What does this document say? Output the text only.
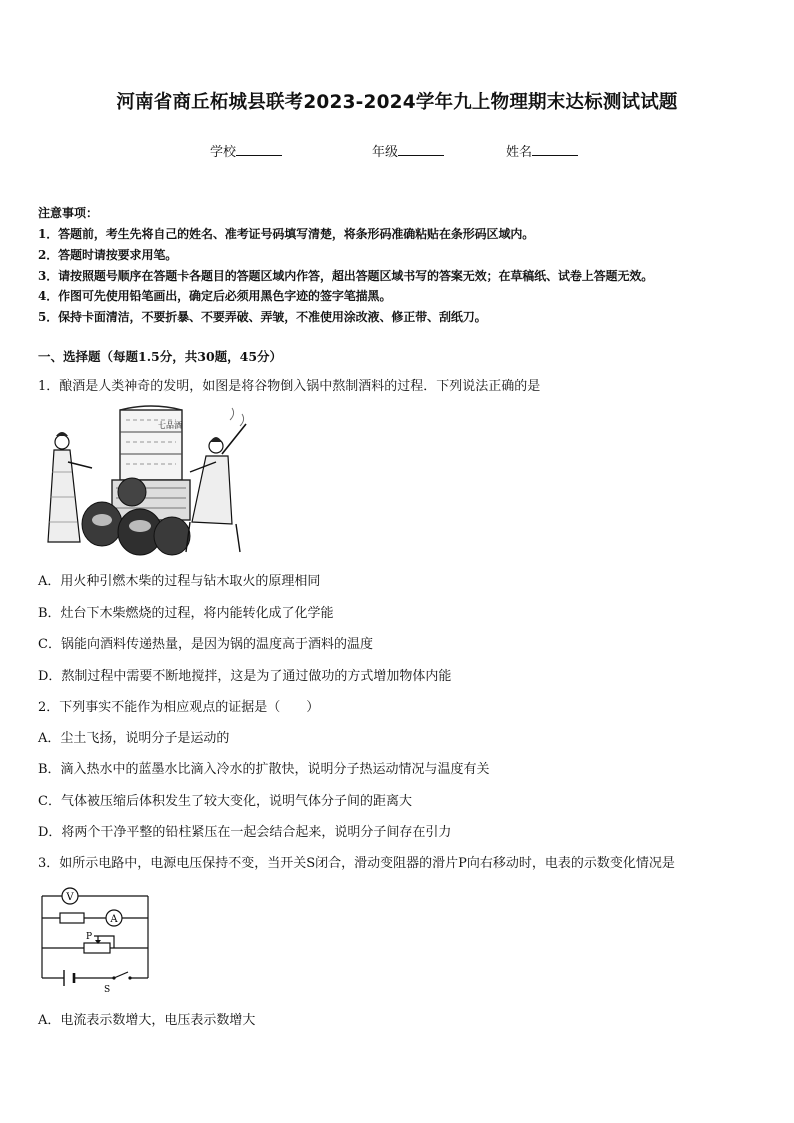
河南省商丘柘城县联考2023-2024学年九上物理期末达标测试试题
学校	年级	姓名
注意事项：
1．答题前，考生先将自己的姓名、准考证号码填写清楚，将条形码准确粘贴在条形码区域内。
2．答题时请按要求用笔。
3．请按照题号顺序在答题卡各题目的答题区域内作答，超出答题区域书写的答案无效；在草稿纸、试卷上答题无效。
4．作图可先使用铅笔画出，确定后必须用黑色字迹的签字笔描黑。
5．保持卡面清洁，不要折暴、不要弄破、弄皱，不准使用涂改液、修正带、刮纸刀。
一、选择题（每题1.5分，共30题，45分）
1．酿酒是人类神奇的发明，如图是将谷物倒入锅中熬制酒料的过程．下列说法正确的是
七品酒
A．用火种引燃木柴的过程与钻木取火的原理相同
B．灶台下木柴燃烧的过程，将内能转化成了化学能
C．锅能向酒料传递热量，是因为锅的温度高于酒料的温度
D．熬制过程中需要不断地搅拌，这是为了通过做功的方式增加物体内能
2．下列事实不能作为相应观点的证据是（　　）
A．尘土飞扬，说明分子是运动的
B．滴入热水中的蓝墨水比滴入冷水的扩散快，说明分子热运动情况与温度有关
C．气体被压缩后体积发生了较大变化，说明气体分子间的距离大
D．将两个干净平整的铅柱紧压在一起会结合起来，说明分子间存在引力
3．如所示电路中，电源电压保持不变，当开关S闭合，滑动变阻器的滑片P向右移动时，电表的示数变化情况是
V
A
P
S
A．电流表示数增大，电压表示数增大
